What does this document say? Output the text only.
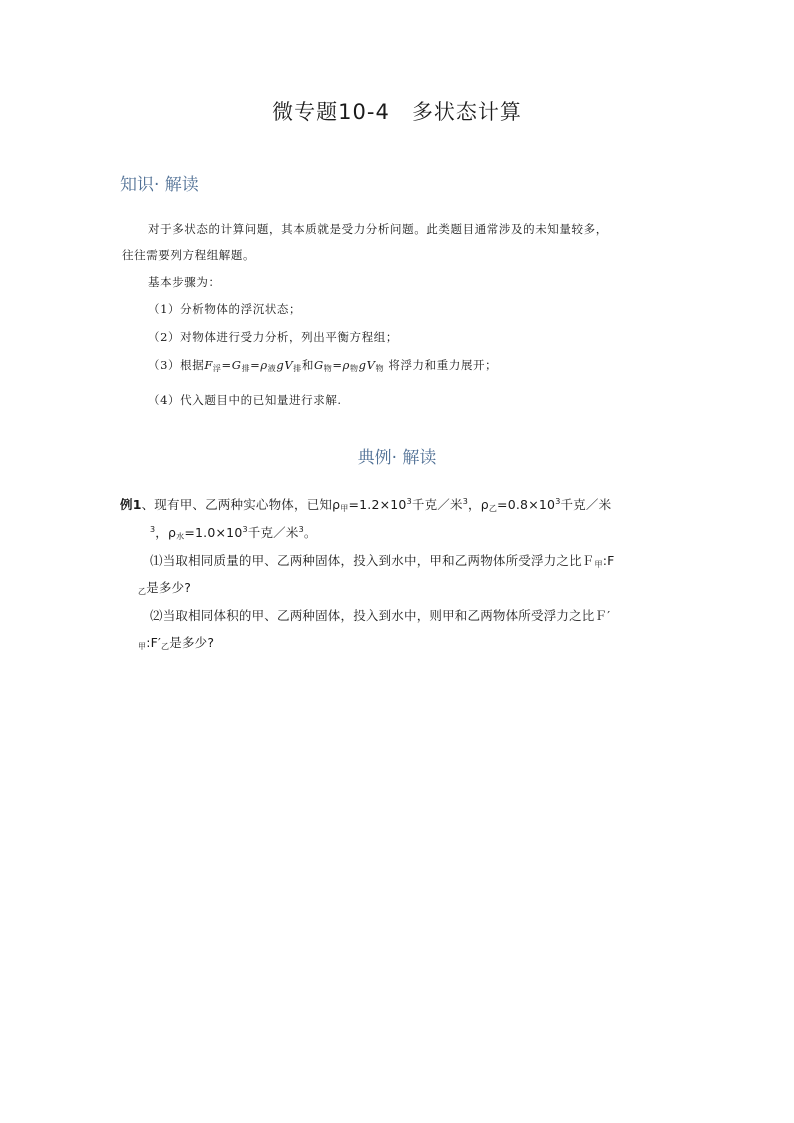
微专题10-4　多状态计算
知识· 解读
对于多状态的计算问题，其本质就是受力分析问题。此类题目通常涉及的未知量较多，
往往需要列方程组解题。
基本步骤为：
（1）分析物体的浮沉状态；
（2）对物体进行受力分析，列出平衡方程组；
（3）根据$F_浮=G_排=\rho_液gV_排$和$G_物=\rho_物gV_物$ 将浮力和重力展开；
（4）代入题目中的已知量进行求解.
典例· 解读
例1、现有甲、乙两种实心物体，已知$\rho_甲=1.2\times 10^3$千克／米$^3$，$\rho_乙=0.8\times 10^3$千克／米
$^3$，$\rho_水=1.0\times 10^3$千克／米$^3$。
⑴当取相同质量的甲、乙两种固体，投入到水中，甲和乙两物体所受浮力之比Ｆ$_甲$:F
$_乙$是多少?
⑵当取相同体积的甲、乙两种固体，投入到水中，则甲和乙两物体所受浮力之比Ｆ′
$_甲:F'_乙$是多少?
